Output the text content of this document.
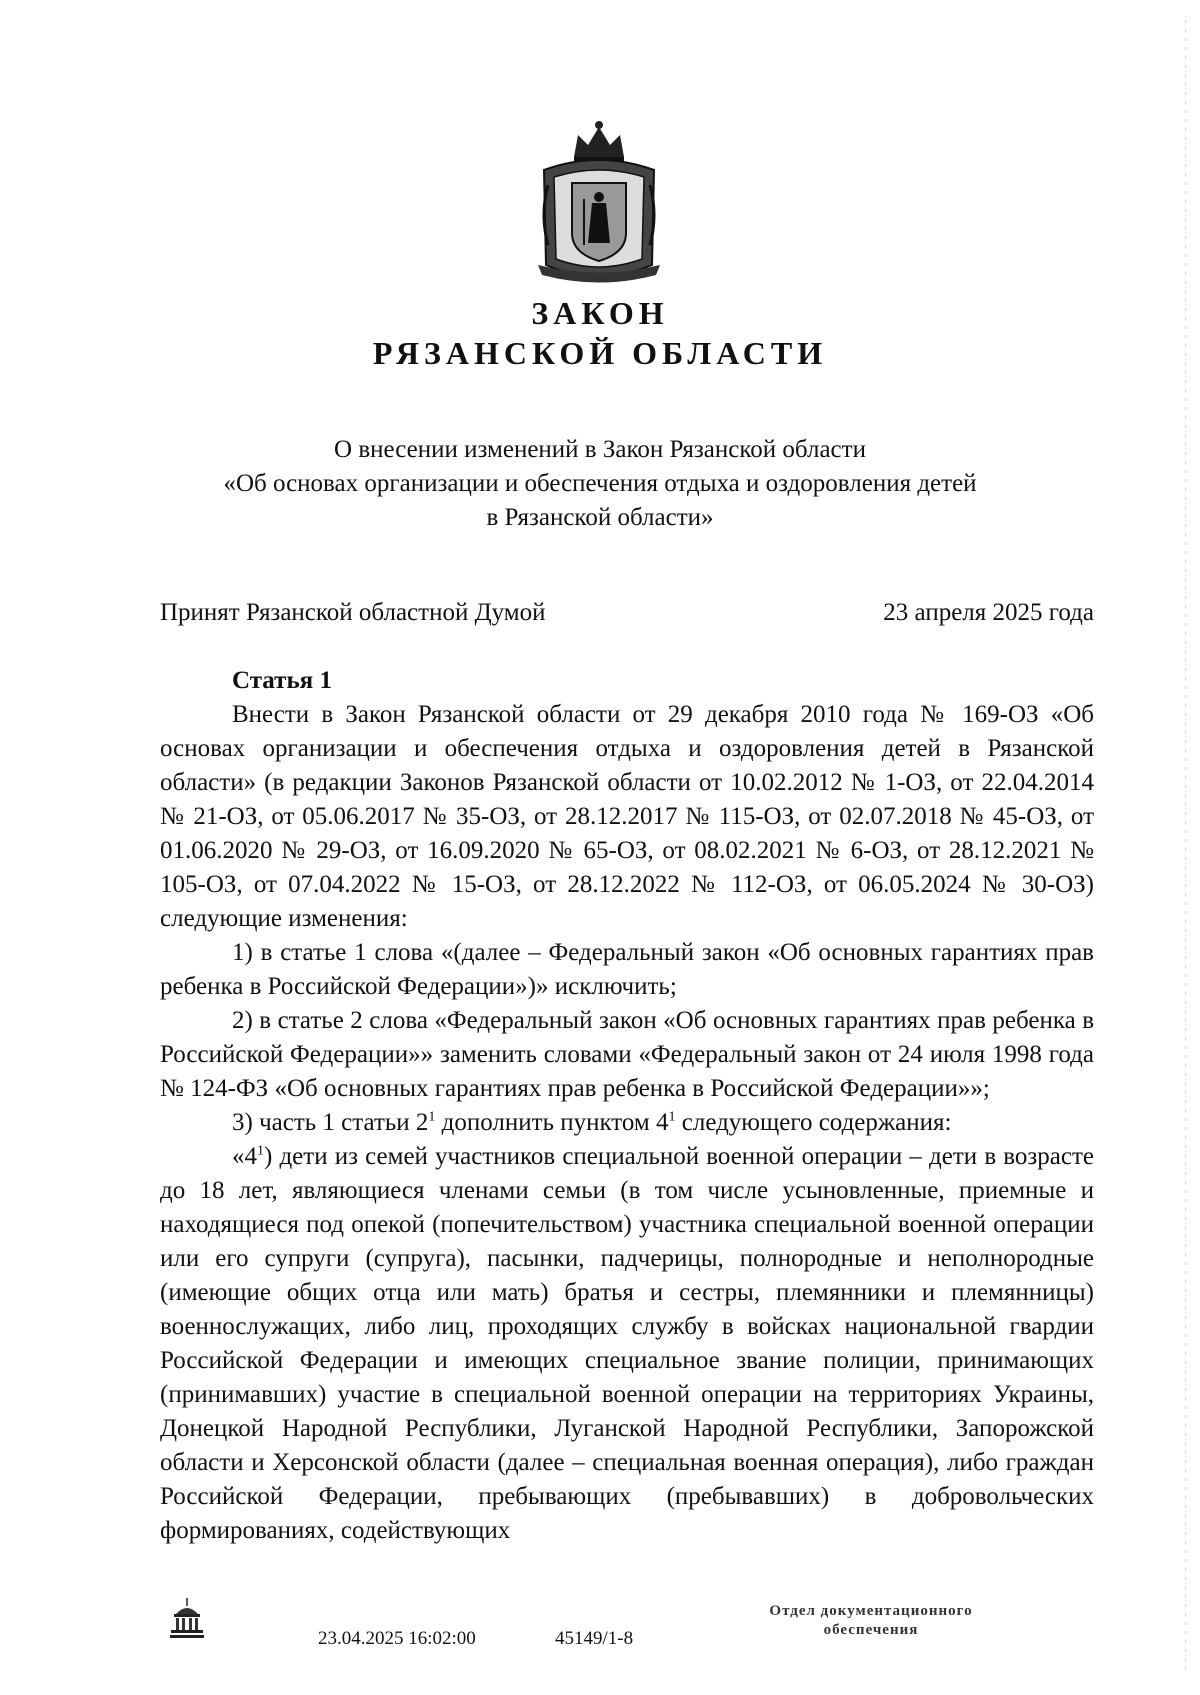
ЗАКОН
РЯЗАНСКОЙ ОБЛАСТИ
О внесении изменений в Закон Рязанской области
«Об основах организации и обеспечения отдыха и оздоровления детей
в Рязанской области»
Принят Рязанской областной Думой	23 апреля 2025 года
Статья 1

Внести в Закон Рязанской области от 29 декабря 2010 года № 169-ОЗ «Об основах организации и обеспечения отдыха и оздоровления детей в Рязанской области» (в редакции Законов Рязанской области от 10.02.2012 № 1-ОЗ, от 22.04.2014 № 21-ОЗ, от 05.06.2017 № 35-ОЗ, от 28.12.2017 № 115-ОЗ, от 02.07.2018 № 45-ОЗ, от 01.06.2020 № 29-ОЗ, от 16.09.2020 № 65-ОЗ, от 08.02.2021 № 6-ОЗ, от 28.12.2021 № 105-ОЗ, от 07.04.2022 № 15-ОЗ, от 28.12.2022 № 112-ОЗ, от 06.05.2024 № 30-ОЗ) следующие изменения:

1) в статье 1 слова «(далее – Федеральный закон «Об основных гарантиях прав ребенка в Российской Федерации»)» исключить;

2) в статье 2 слова «Федеральный закон «Об основных гарантиях прав ребенка в Российской Федерации»» заменить словами «Федеральный закон от 24 июля 1998 года № 124-ФЗ «Об основных гарантиях прав ребенка в Российской Федерации»»;

3) часть 1 статьи $2^1$ дополнить пунктом $4^1$ следующего содержания:

«$4^1$) дети из семей участников специальной военной операции – дети в возрасте до 18 лет, являющиеся членами семьи (в том числе усыновленные, приемные и находящиеся под опекой (попечительством) участника специальной военной операции или его супруги (супруга), пасынки, падчерицы, полнородные и неполнородные (имеющие общих отца или мать) братья и сестры, племянники и племянницы) военнослужащих, либо лиц, проходящих службу в войсках национальной гвардии Российской Федерации и имеющих специальное звание полиции, принимающих (принимавших) участие в специальной военной операции на территориях Украины, Донецкой Народной Республики, Луганской Народной Республики, Запорожской области и Херсонской области (далее – специальная военная операция), либо граждан Российской Федерации, пребывающих (пребывавших) в добровольческих формированиях, содействующих

23.04.2025 16:02:00	45149/1-8
Отдел документационного
обеспечения
